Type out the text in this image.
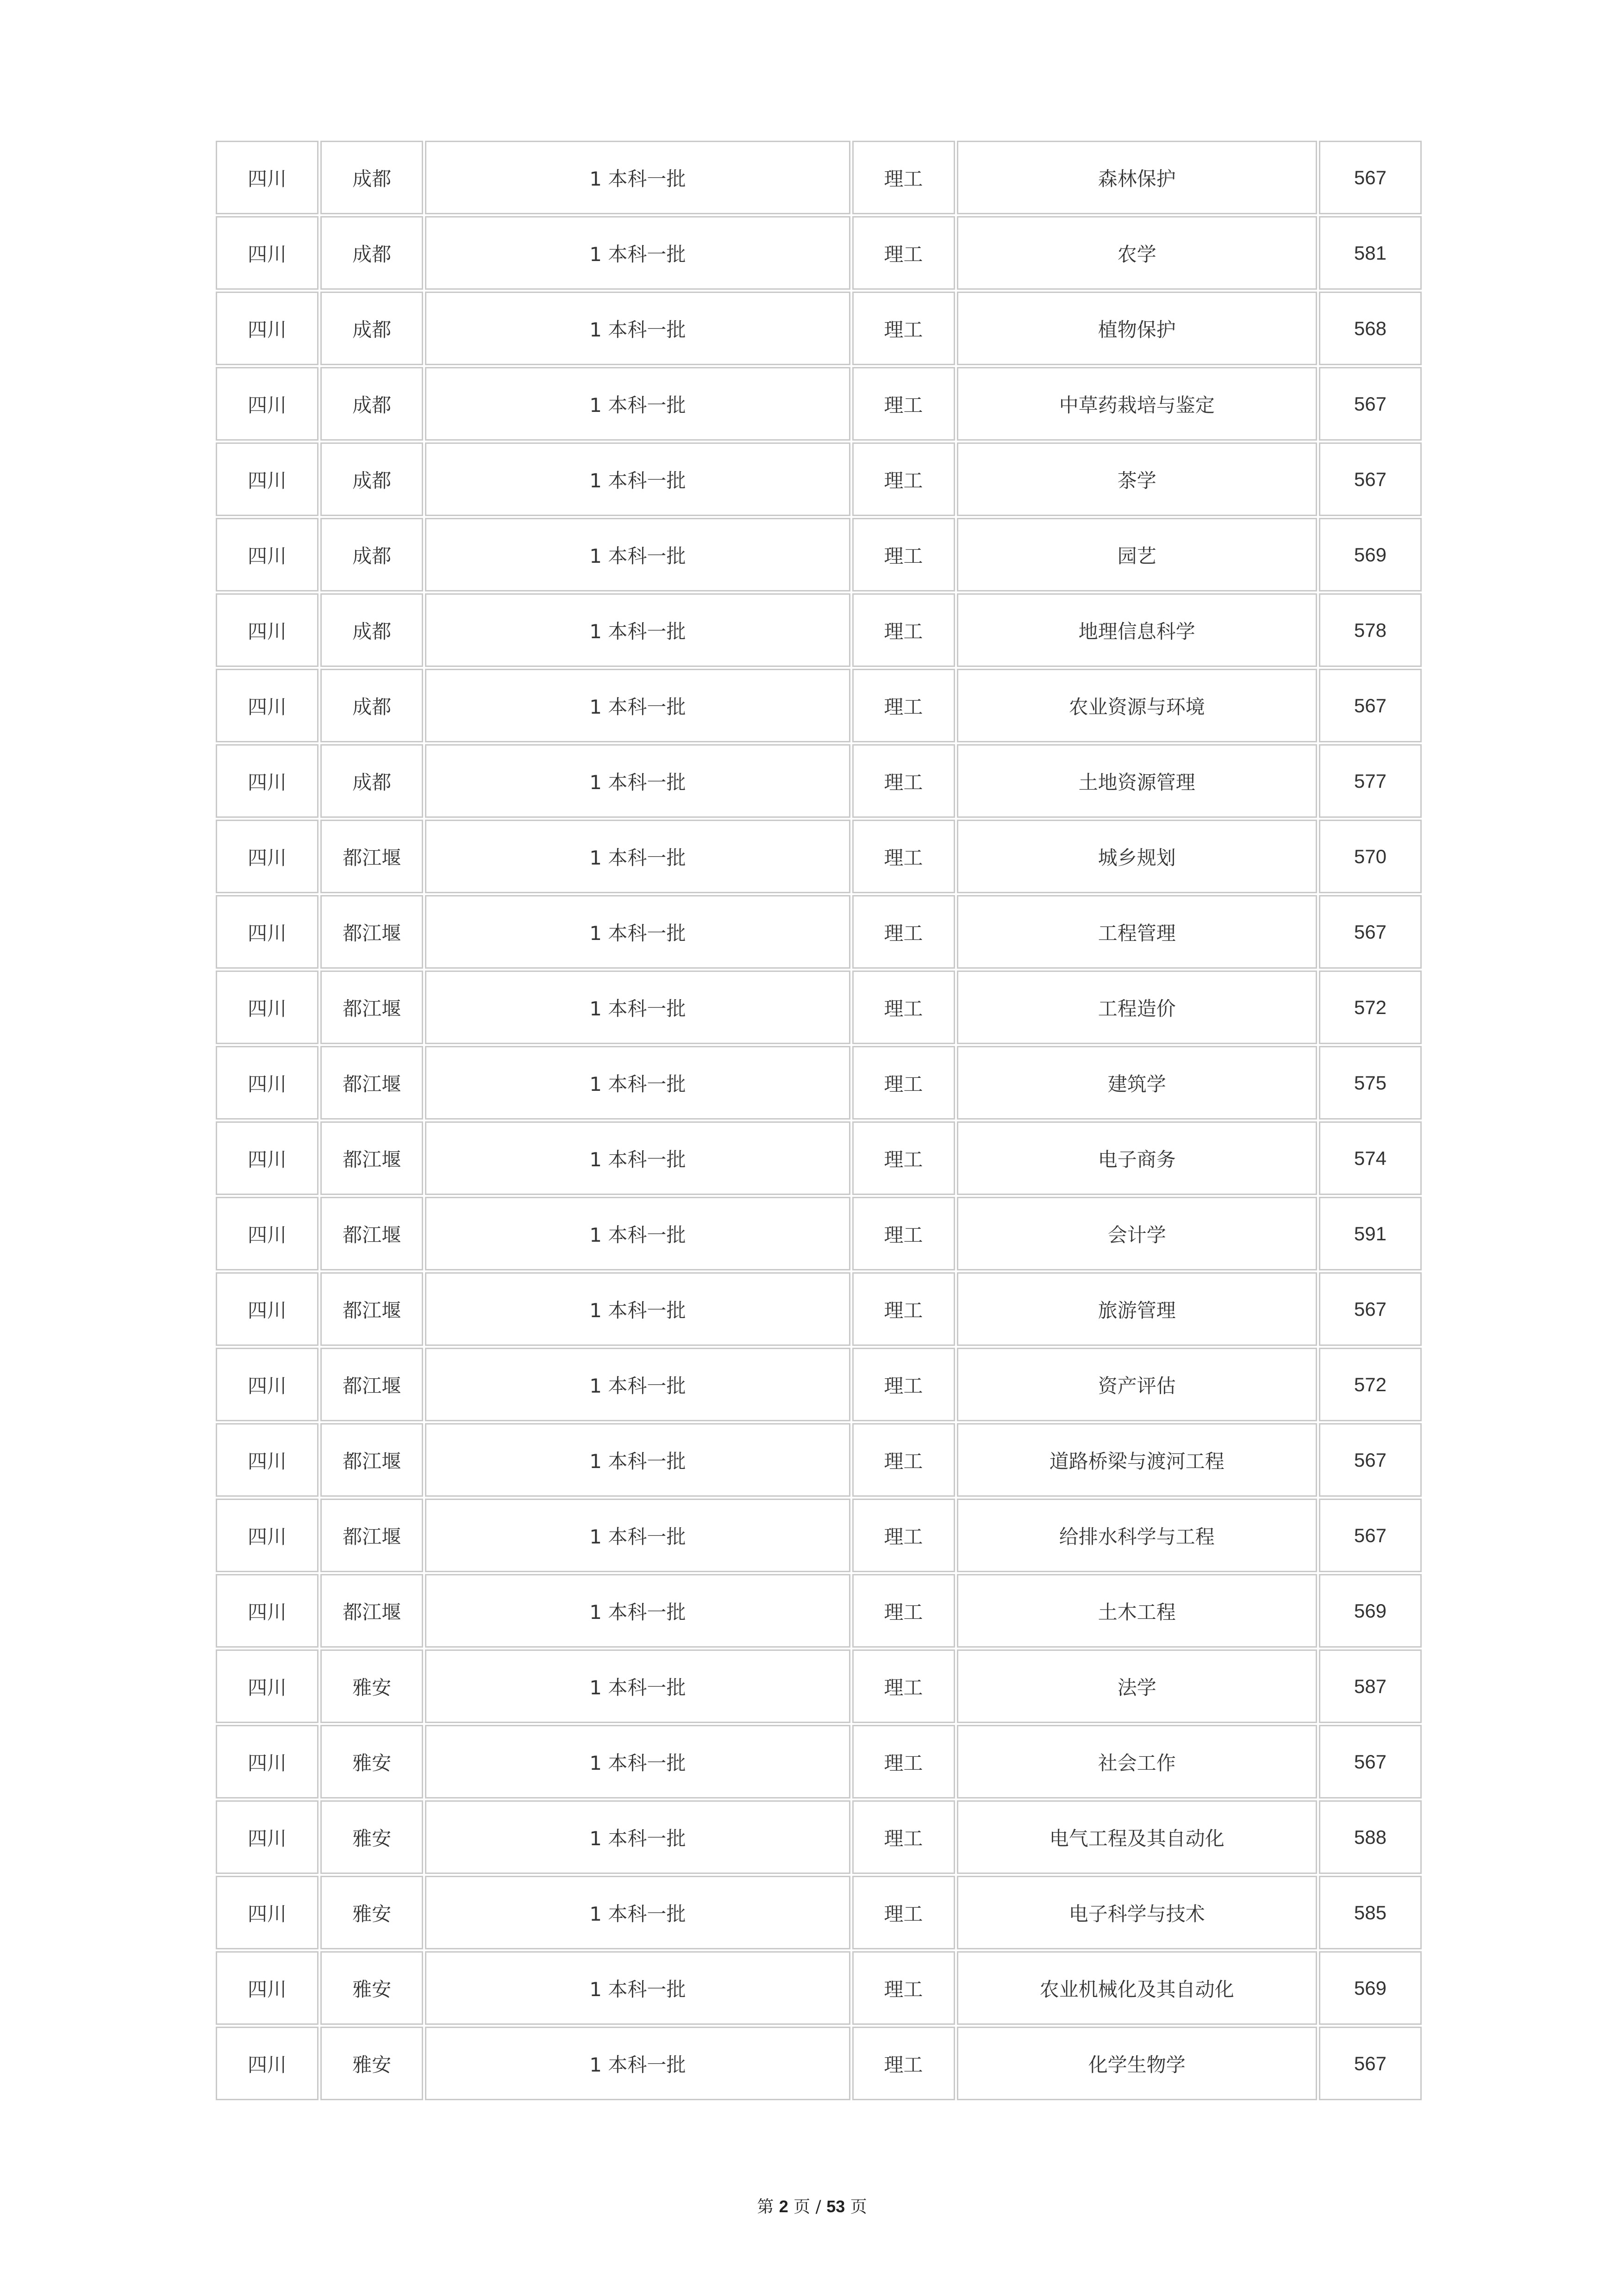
四川	成都	1 本科一批	理工	森林保护	567
四川	成都	1 本科一批	理工	农学	581
四川	成都	1 本科一批	理工	植物保护	568
四川	成都	1 本科一批	理工	中草药栽培与鉴定	567
四川	成都	1 本科一批	理工	茶学	567
四川	成都	1 本科一批	理工	园艺	569
四川	成都	1 本科一批	理工	地理信息科学	578
四川	成都	1 本科一批	理工	农业资源与环境	567
四川	成都	1 本科一批	理工	土地资源管理	577
四川	都江堰	1 本科一批	理工	城乡规划	570
四川	都江堰	1 本科一批	理工	工程管理	567
四川	都江堰	1 本科一批	理工	工程造价	572
四川	都江堰	1 本科一批	理工	建筑学	575
四川	都江堰	1 本科一批	理工	电子商务	574
四川	都江堰	1 本科一批	理工	会计学	591
四川	都江堰	1 本科一批	理工	旅游管理	567
四川	都江堰	1 本科一批	理工	资产评估	572
四川	都江堰	1 本科一批	理工	道路桥梁与渡河工程	567
四川	都江堰	1 本科一批	理工	给排水科学与工程	567
四川	都江堰	1 本科一批	理工	土木工程	569
四川	雅安	1 本科一批	理工	法学	587
四川	雅安	1 本科一批	理工	社会工作	567
四川	雅安	1 本科一批	理工	电气工程及其自动化	588
四川	雅安	1 本科一批	理工	电子科学与技术	585
四川	雅安	1 本科一批	理工	农业机械化及其自动化	569
四川	雅安	1 本科一批	理工	化学生物学	567
第 2 页 / 53 页
